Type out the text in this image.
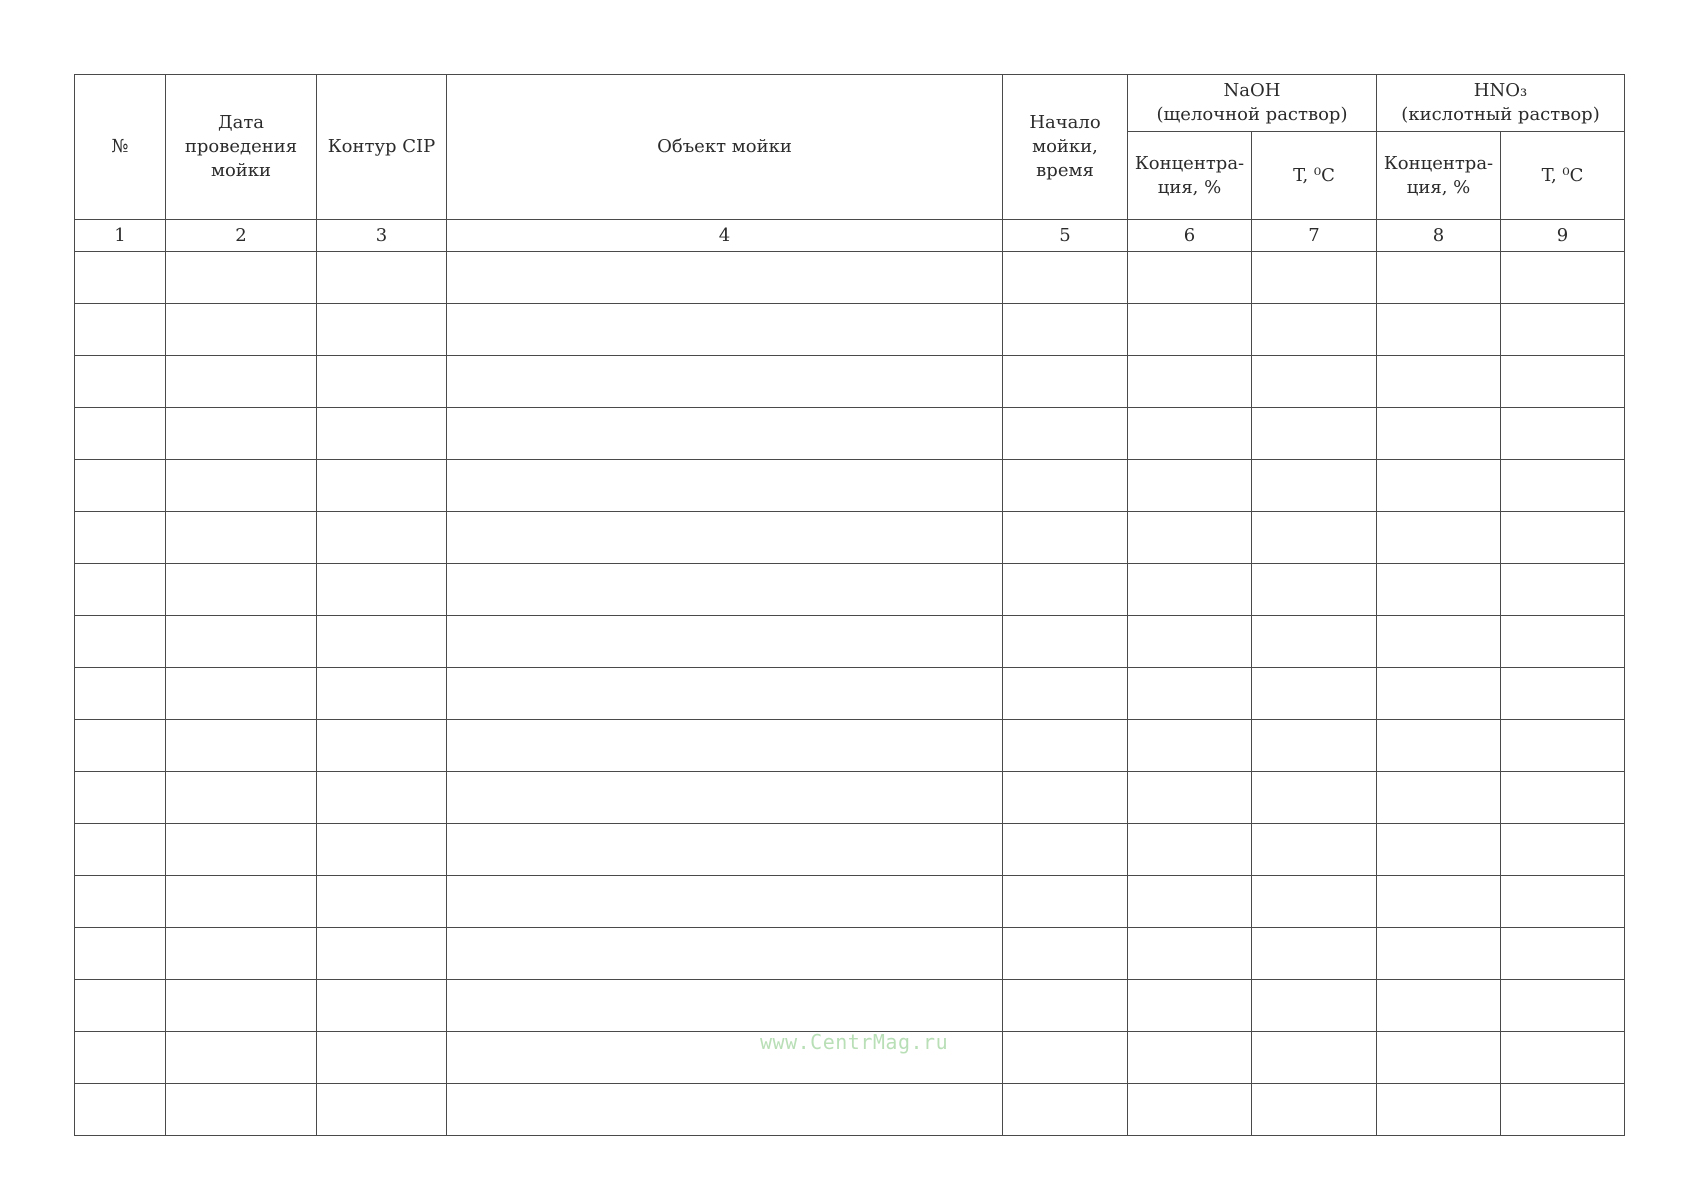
№	Дата
проведения
мойки	Контур CIP	Объект мойки	Начало
мойки,
время	NaOH
(щелочной раствор)		HNO₃
(кислотный раствор)	
					Концентра-
ция, %	T, ⁰C	Концентра-
ция, %	T, ⁰C
1	2	3	4	5	6	7	8	9

www.CentrMag.ru
